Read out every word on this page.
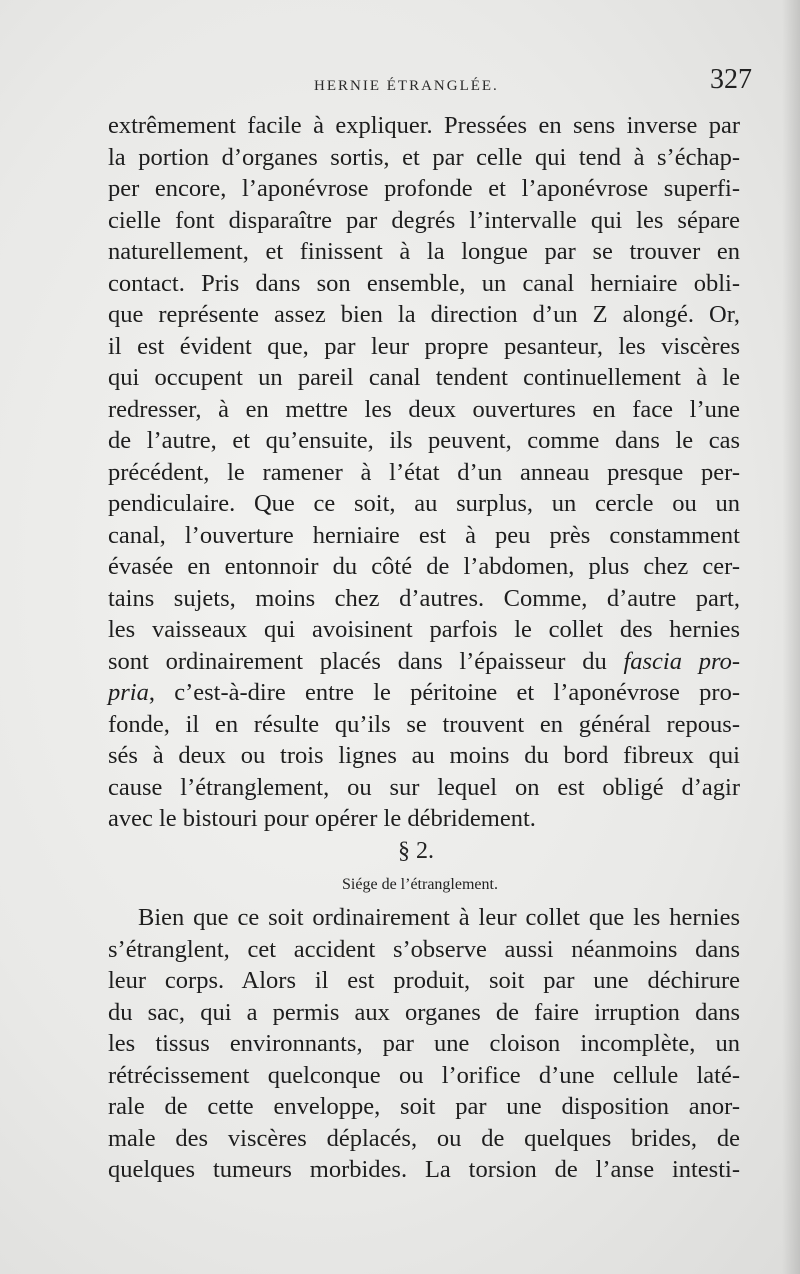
HERNIE ÉTRANGLÉE.	327
extrêmement facile à expliquer. Pressées en sens inverse par
la portion d’organes sortis, et par celle qui tend à s’échap-
per encore, l’aponévrose profonde et l’aponévrose superfi-
cielle font disparaître par degrés l’intervalle qui les sépare
naturellement, et finissent à la longue par se trouver en
contact. Pris dans son ensemble, un canal herniaire obli-
que représente assez bien la direction d’un Z alongé. Or,
il est évident que, par leur propre pesanteur, les viscères
qui occupent un pareil canal tendent continuellement à le
redresser, à en mettre les deux ouvertures en face l’une
de l’autre, et qu’ensuite, ils peuvent, comme dans le cas
précédent, le ramener à l’état d’un anneau presque per-
pendiculaire. Que ce soit, au surplus, un cercle ou un
canal, l’ouverture herniaire est à peu près constamment
évasée en entonnoir du côté de l’abdomen, plus chez cer-
tains sujets, moins chez d’autres. Comme, d’autre part,
les vaisseaux qui avoisinent parfois le collet des hernies
sont ordinairement placés dans l’épaisseur du fascia pro-
pria, c’est-à-dire entre le péritoine et l’aponévrose pro-
fonde, il en résulte qu’ils se trouvent en général repous-
sés à deux ou trois lignes au moins du bord fibreux qui
cause l’étranglement, ou sur lequel on est obligé d’agir
avec le bistouri pour opérer le débridement.
§ 2.
Siége de l’étranglement.
Bien que ce soit ordinairement à leur collet que les hernies
s’étranglent, cet accident s’observe aussi néanmoins dans
leur corps. Alors il est produit, soit par une déchirure
du sac, qui a permis aux organes de faire irruption dans
les tissus environnants, par une cloison incomplète, un
rétrécissement quelconque ou l’orifice d’une cellule laté-
rale de cette enveloppe, soit par une disposition anor-
male des viscères déplacés, ou de quelques brides, de
quelques tumeurs morbides. La torsion de l’anse intesti-
